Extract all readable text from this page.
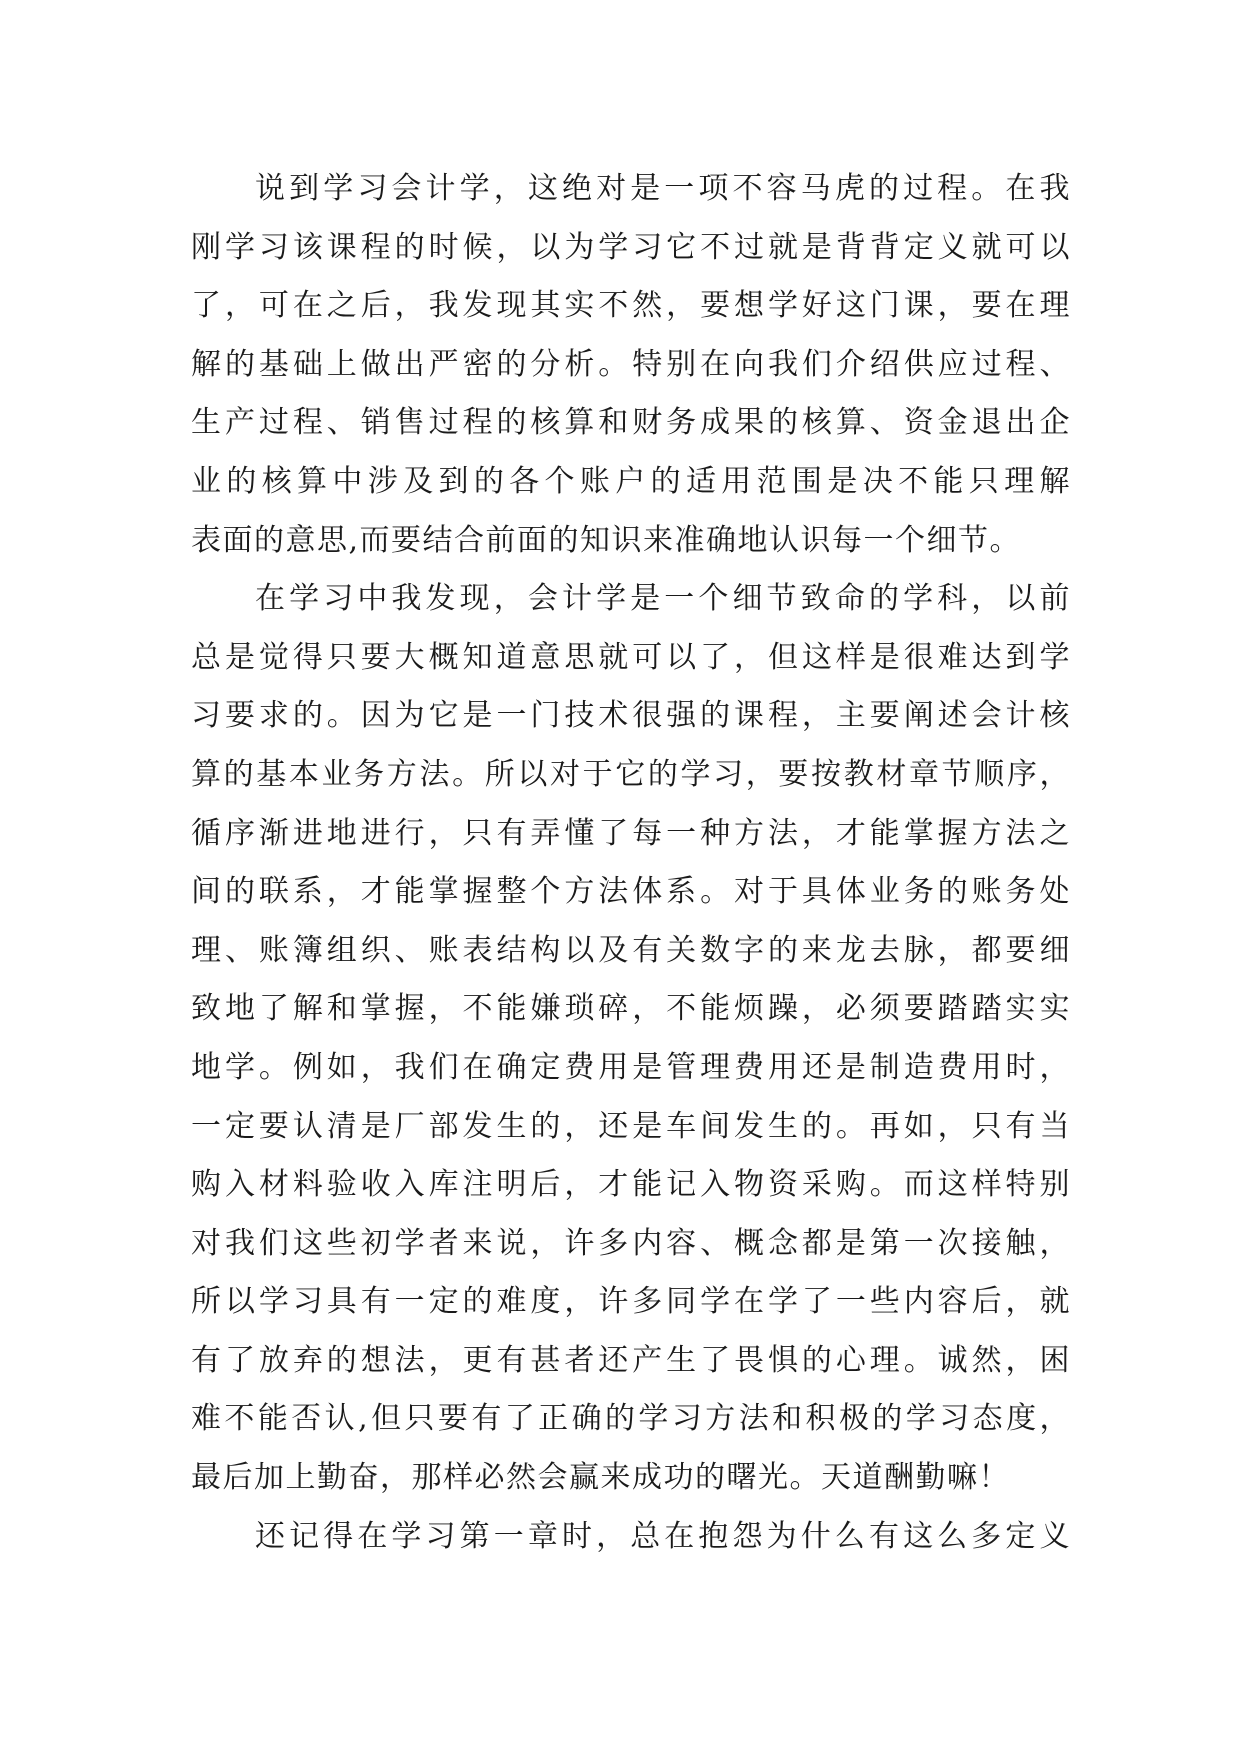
说到学习会计学，这绝对是一项不容马虎的过程。在我
刚学习该课程的时候，以为学习它不过就是背背定义就可以
了，可在之后，我发现其实不然，要想学好这门课，要在理
解的基础上做出严密的分析。特别在向我们介绍供应过程、
生产过程、销售过程的核算和财务成果的核算、资金退出企
业的核算中涉及到的各个账户的适用范围是决不能只理解
表面的意思,而要结合前面的知识来准确地认识每一个细节。
在学习中我发现，会计学是一个细节致命的学科，以前
总是觉得只要大概知道意思就可以了，但这样是很难达到学
习要求的。因为它是一门技术很强的课程，主要阐述会计核
算的基本业务方法。所以对于它的学习，要按教材章节顺序，
循序渐进地进行，只有弄懂了每一种方法，才能掌握方法之
间的联系，才能掌握整个方法体系。对于具体业务的账务处
理、账簿组织、账表结构以及有关数字的来龙去脉，都要细
致地了解和掌握，不能嫌琐碎，不能烦躁，必须要踏踏实实
地学。例如，我们在确定费用是管理费用还是制造费用时，
一定要认清是厂部发生的，还是车间发生的。再如，只有当
购入材料验收入库注明后，才能记入物资采购。而这样特别
对我们这些初学者来说，许多内容、概念都是第一次接触，
所以学习具有一定的难度，许多同学在学了一些内容后，就
有了放弃的想法，更有甚者还产生了畏惧的心理。诚然，困
难不能否认,但只要有了正确的学习方法和积极的学习态度，
最后加上勤奋，那样必然会赢来成功的曙光。天道酬勤嘛！
还记得在学习第一章时，总在抱怨为什么有这么多定义
